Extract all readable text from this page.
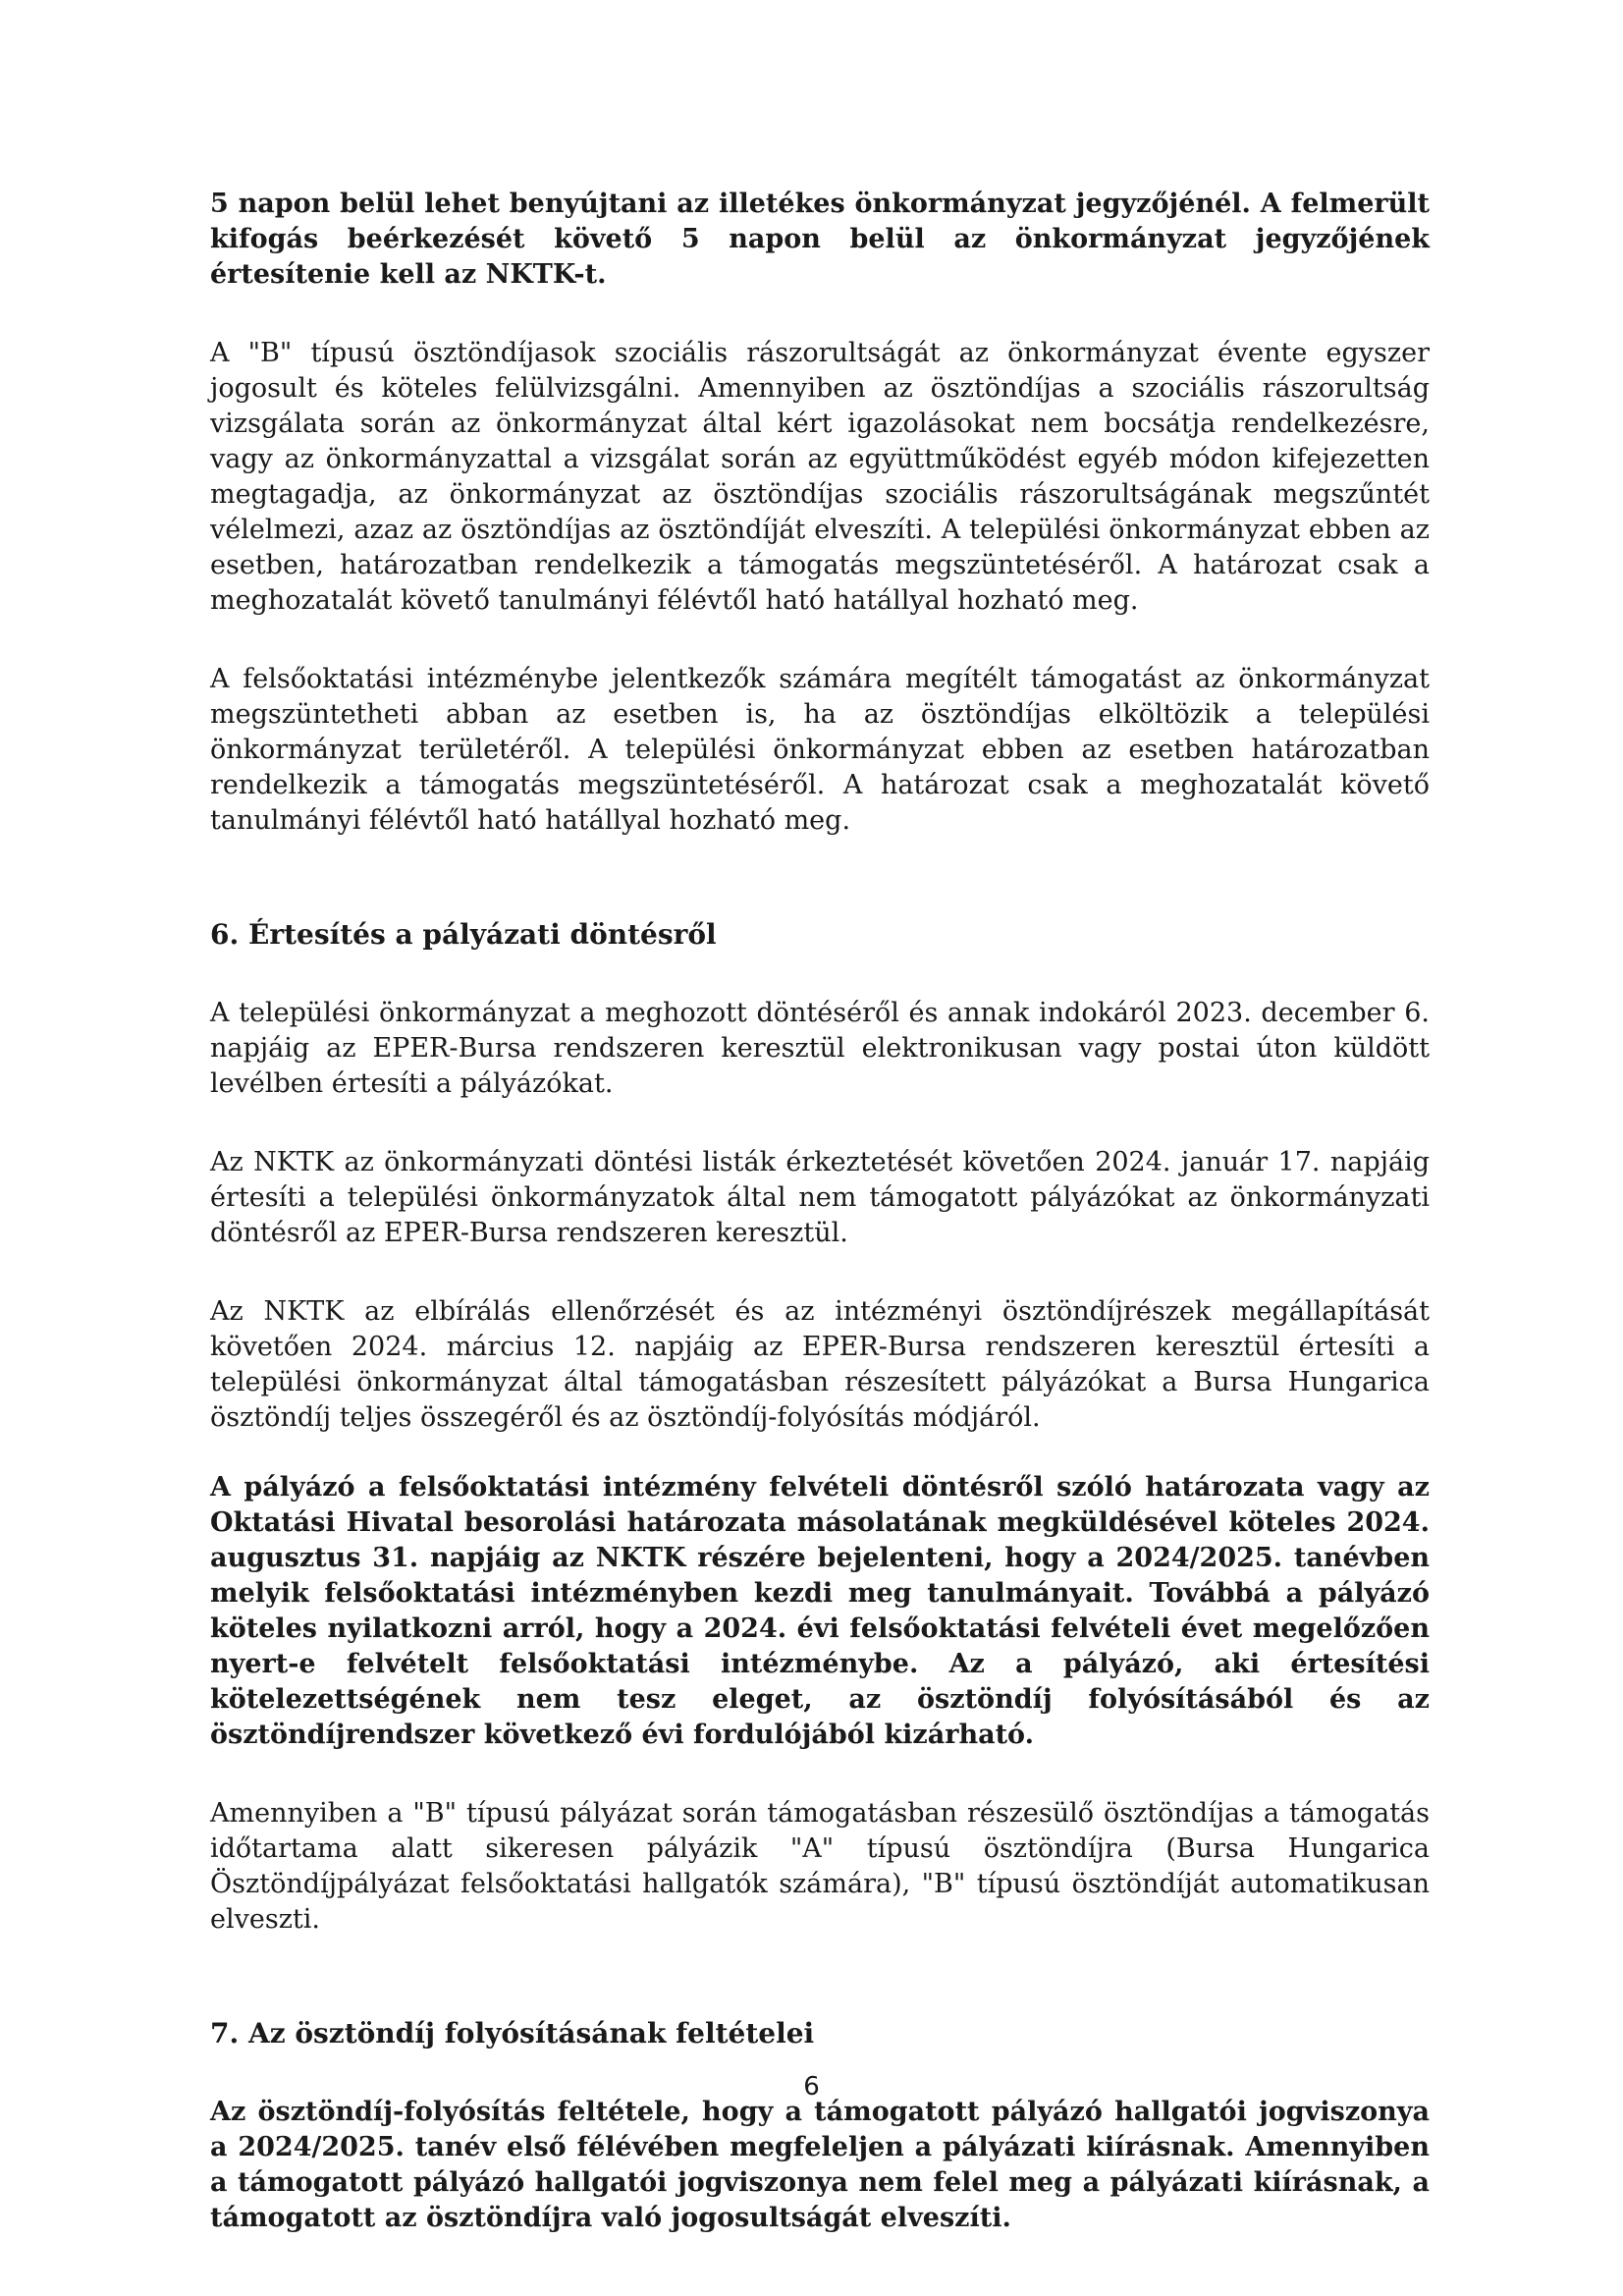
5 napon belül lehet benyújtani az illetékes önkormányzat jegyzőjénél. A felmerült kifogás beérkezését követő 5 napon belül az önkormányzat jegyzőjének értesítenie kell az NKTK-t.

A "B" típusú ösztöndíjasok szociális rászorultságát az önkormányzat évente egyszer jogosult és köteles felülvizsgálni. Amennyiben az ösztöndíjas a szociális rászorultság vizsgálata során az önkormányzat által kért igazolásokat nem bocsátja rendelkezésre, vagy az önkormányzattal a vizsgálat során az együttműködést egyéb módon kifejezetten megtagadja, az önkormányzat az ösztöndíjas szociális rászorultságának megszűntét vélelmezi, azaz az ösztöndíjas az ösztöndíját elveszíti. A települési önkormányzat ebben az esetben, határozatban rendelkezik a támogatás megszüntetéséről. A határozat csak a meghozatalát követő tanulmányi félévtől ható hatállyal hozható meg.

A felsőoktatási intézménybe jelentkezők számára megítélt támogatást az önkormányzat megszüntetheti abban az esetben is, ha az ösztöndíjas elköltözik a települési önkormányzat területéről. A települési önkormányzat ebben az esetben határozatban rendelkezik a támogatás megszüntetéséről. A határozat csak a meghozatalát követő tanulmányi félévtől ható hatállyal hozható meg.

6. Értesítés a pályázati döntésről

A települési önkormányzat a meghozott döntéséről és annak indokáról 2023. december 6. napjáig az EPER-Bursa rendszeren keresztül elektronikusan vagy postai úton küldött levélben értesíti a pályázókat.

Az NKTK az önkormányzati döntési listák érkeztetését követően 2024. január 17. napjáig értesíti a települési önkormányzatok által nem támogatott pályázókat az önkormányzati döntésről az EPER-Bursa rendszeren keresztül.

Az NKTK az elbírálás ellenőrzését és az intézményi ösztöndíjrészek megállapítását követően 2024. március 12. napjáig az EPER-Bursa rendszeren keresztül értesíti a települési önkormányzat által támogatásban részesített pályázókat a Bursa Hungarica ösztöndíj teljes összegéről és az ösztöndíj-folyósítás módjáról.

A pályázó a felsőoktatási intézmény felvételi döntésről szóló határozata vagy az Oktatási Hivatal besorolási határozata másolatának megküldésével köteles 2024. augusztus 31. napjáig az NKTK részére bejelenteni, hogy a 2024/2025. tanévben melyik felsőoktatási intézményben kezdi meg tanulmányait. Továbbá a pályázó köteles nyilatkozni arról, hogy a 2024. évi felsőoktatási felvételi évet megelőzően nyert-e felvételt felsőoktatási intézménybe. Az a pályázó, aki értesítési kötelezettségének nem tesz eleget, az ösztöndíj folyósításából és az ösztöndíjrendszer következő évi fordulójából kizárható.

Amennyiben a "B" típusú pályázat során támogatásban részesülő ösztöndíjas a támogatás időtartama alatt sikeresen pályázik "A" típusú ösztöndíjra (Bursa Hungarica Ösztöndíjpályázat felsőoktatási hallgatók számára), "B" típusú ösztöndíját automatikusan elveszti.

7. Az ösztöndíj folyósításának feltételei

Az ösztöndíj-folyósítás feltétele, hogy a támogatott pályázó hallgatói jogviszonya a 2024/2025. tanév első félévében megfeleljen a pályázati kiírásnak. Amennyiben a támogatott pályázó hallgatói jogviszonya nem felel meg a pályázati kiírásnak, a támogatott az ösztöndíjra való jogosultságát elveszíti.

6
